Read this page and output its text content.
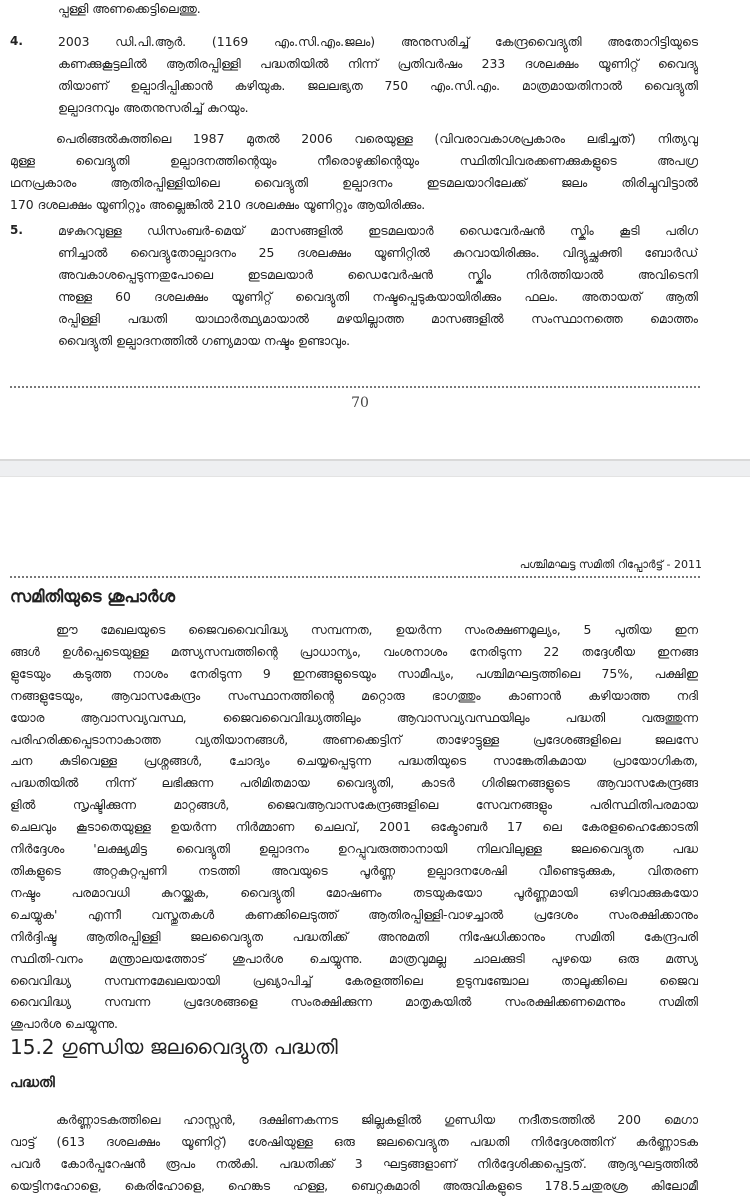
പ്പള്ളി അണക്കെട്ടിലെത്തു.
4.	2003 ഡി.പി.ആർ. (1169 എം.സി.എം.ജലം) അനുസരിച്ച് കേന്ദ്രവൈദ്യുതി അതോറിട്ടിയുടെ
കണക്കുകൂട്ടലിൽ ആതിരപ്പിള്ളി പദ്ധതിയിൽ നിന്ന് പ്രതിവർഷം 233 ദശലക്ഷം യൂണിറ്റ് വൈദ്യു
തിയാണ് ഉല്പാദിപ്പിക്കാൻ കഴിയുക. ജലലഭ്യത 750 എം.സി.എം. മാത്രമായതിനാൽ വൈദ്യുതി
ഉല്പാദനവും അതനുസരിച്ച് കുറയും.
പെരിങ്ങൽകുത്തിലെ 1987 മുതൽ 2006 വരെയുള്ള (വിവരാവകാശപ്രകാരം ലഭിച്ചത്) നിത്യവു
മുള്ള വൈദ്യുതി ഉല്പാദനത്തിന്റെയും നീരൊഴുക്കിന്റെയും സ്ഥിതിവിവരക്കണക്കുകളുടെ അപഗ്ര
ഥനപ്രകാരം ആതിരപ്പിള്ളിയിലെ വൈദ്യുതി ഉല്പാദനം ഇടമലയാറിലേക്ക് ജലം തിരിച്ചുവിട്ടാൽ
170 ദശലക്ഷം യൂണിറ്റും അല്ലെങ്കിൽ 210 ദശലക്ഷം യൂണിറ്റും ആയിരിക്കും.
5.	മഴകുറവുള്ള ഡിസംബർ-മെയ് മാസങ്ങളിൽ ഇടമലയാർ ഡൈവേർഷൻ സ്കിം കൂടി പരിഗ
ണിച്ചാൽ വൈദ്യുതോല്പാദനം 25 ദശലക്ഷം യൂണിറ്റിൽ കുറവായിരിക്കും. വിദ്യുച്ഛക്തി ബോർഡ്
അവകാശപ്പെടുന്നതുപോലെ ഇടമലയാർ ഡൈവേർഷൻ സ്കിം നിർത്തിയാൽ അവിടെനി
ന്നുള്ള 60 ദശലക്ഷം യൂണിറ്റ് വൈദ്യുതി നഷ്ടപ്പെടുകയായിരിക്കും ഫലം. അതായത് ആതി
രപ്പിള്ളി പദ്ധതി യാഥാർത്ഥ്യമായാൽ മഴയില്ലാത്ത മാസങ്ങളിൽ സംസ്ഥാനത്തെ മൊത്തം
വൈദ്യുതി ഉല്പാദനത്തിൽ ഗണ്യമായ നഷ്ടം ഉണ്ടാവും.
70
പശ്ചിമഘട്ട സമിതി റിപ്പോർട്ട് - 2011
സമിതിയുടെ ശുപാർശ
ഈ മേഖലയുടെ ജൈവവൈവിദ്ധ്യ സമ്പന്നത, ഉയർന്ന സംരക്ഷണമൂല്യം, 5 പുതിയ ഇന
ങ്ങൾ ഉൾപ്പെടെയുള്ള മത്സ്യസമ്പത്തിന്റെ പ്രാധാന്യം, വംശനാശം നേരിടുന്ന 22 തദ്ദേശീയ ഇനങ്ങ
ളുടേയും കടുത്ത നാശം നേരിടുന്ന 9 ഇനങ്ങളുടെയും സാമീപ്യം, പശ്ചിമഘട്ടത്തിലെ 75%, പക്ഷിഇ
നങ്ങളുടേയും, ആവാസകേന്ദ്രം സംസ്ഥാനത്തിന്റെ മറ്റൊരു ഭാഗത്തും കാണാൻ കഴിയാത്ത നദി
യോര ആവാസവ്യവസ്ഥ, ജൈവവൈവിദ്ധ്യത്തിലും ആവാസവ്യവസ്ഥയിലും പദ്ധതി വരുത്തുന്ന
പരിഹരിക്കപ്പെടാനാകാത്ത വ്യതിയാനങ്ങൾ, അണക്കെട്ടിന് താഴോട്ടുള്ള പ്രദേശങ്ങളിലെ ജലസേ
ചന കുടിവെള്ള പ്രശ്നങ്ങൾ, ചോദ്യം ചെയ്യപ്പെടുന്ന പദ്ധതിയുടെ സാങ്കേതികമായ പ്രായോഗികത,
പദ്ധതിയിൽ നിന്ന് ലഭിക്കുന്ന പരിമിതമായ വൈദ്യുതി, കാടർ ഗിരിജനങ്ങളുടെ ആവാസകേന്ദ്രങ്ങ
ളിൽ സൃഷ്ടിക്കുന്ന മാറ്റങ്ങൾ, ജൈവആവാസകേന്ദ്രങ്ങളിലെ സേവനങ്ങളും പരിസ്ഥിതിപരമായ
ചെലവും കൂടാതെയുള്ള ഉയർന്ന നിർമ്മാണ ചെലവ്, 2001 ഒക്ടോബർ 17 ലെ കേരളഹൈക്കോടതി
നിർദ്ദേശം 'ലക്ഷ്യമിട്ട വൈദ്യുതി ഉല്പാദനം ഉറപ്പുവരുത്താനായി നിലവിലുള്ള ജലവൈദ്യുത പദ്ധ
തികളുടെ അറ്റകുറ്റപ്പണി നടത്തി അവയുടെ പൂർണ്ണ ഉല്പാദനശേഷി വീണ്ടെടുക്കുക, വിതരണ
നഷ്ടം പരമാവധി കുറയ്ക്കുക, വൈദ്യുതി മോഷണം തടയുകയോ പൂർണ്ണമായി ഒഴിവാക്കുകയോ
ചെയ്യുക' എന്നീ വസ്തുതകൾ കണക്കിലെടുത്ത് ആതിരപ്പിള്ളി-വാഴച്ചാൽ പ്രദേശം സംരക്ഷിക്കാനും
നിർദ്ദിഷ്ട ആതിരപ്പിള്ളി ജലവൈദ്യുത പദ്ധതിക്ക് അനുമതി നിഷേധിക്കാനും സമിതി കേന്ദ്രപരി
സ്ഥിതി-വനം മന്ത്രാലയത്തോട് ശുപാർശ ചെയ്യുന്നു. മാത്രവുമല്ല ചാലക്കുടി പുഴയെ ഒരു മത്സ്യ
വൈവിദ്ധ്യ സമ്പന്നമേഖലയായി പ്രഖ്യാപിച്ച് കേരളത്തിലെ ഉടുമ്പഞ്ചോല താലൂക്കിലെ ജൈവ
വൈവിദ്ധ്യ സമ്പന്ന പ്രദേശങ്ങളെ സംരക്ഷിക്കുന്ന മാതൃകയിൽ സംരക്ഷിക്കണമെന്നും സമിതി
ശുപാർശ ചെയ്യുന്നു.
15.2 ഗുണ്ഡിയ ജലവൈദ്യുത പദ്ധതി
പദ്ധതി
കർണ്ണാടകത്തിലെ ഹാസ്സൻ, ദക്ഷിണകന്നട ജില്ലകളിൽ ഗുണ്ഡിയ നദീതടത്തിൽ 200 മെഗാ
വാട്ട് (613 ദശലക്ഷം യൂണിറ്റ്) ശേഷിയുള്ള ഒരു ജലവൈദ്യുത പദ്ധതി നിർദ്ദേശത്തിന് കർണ്ണാടക
പവർ കോർപ്പറേഷൻ രൂപം നൽകി. പദ്ധതിക്ക് 3 ഘട്ടങ്ങളാണ് നിർദ്ദേശിക്കപ്പെട്ടത്. ആദ്യഘട്ടത്തിൽ
യെട്ടിനഹോളെ, കെരിഹോളെ, ഹെങ്കട ഹള്ള, ബെറ്റകുമാരി അരുവികളുടെ 178.5ചതുരശ്ര കിലോമീ
